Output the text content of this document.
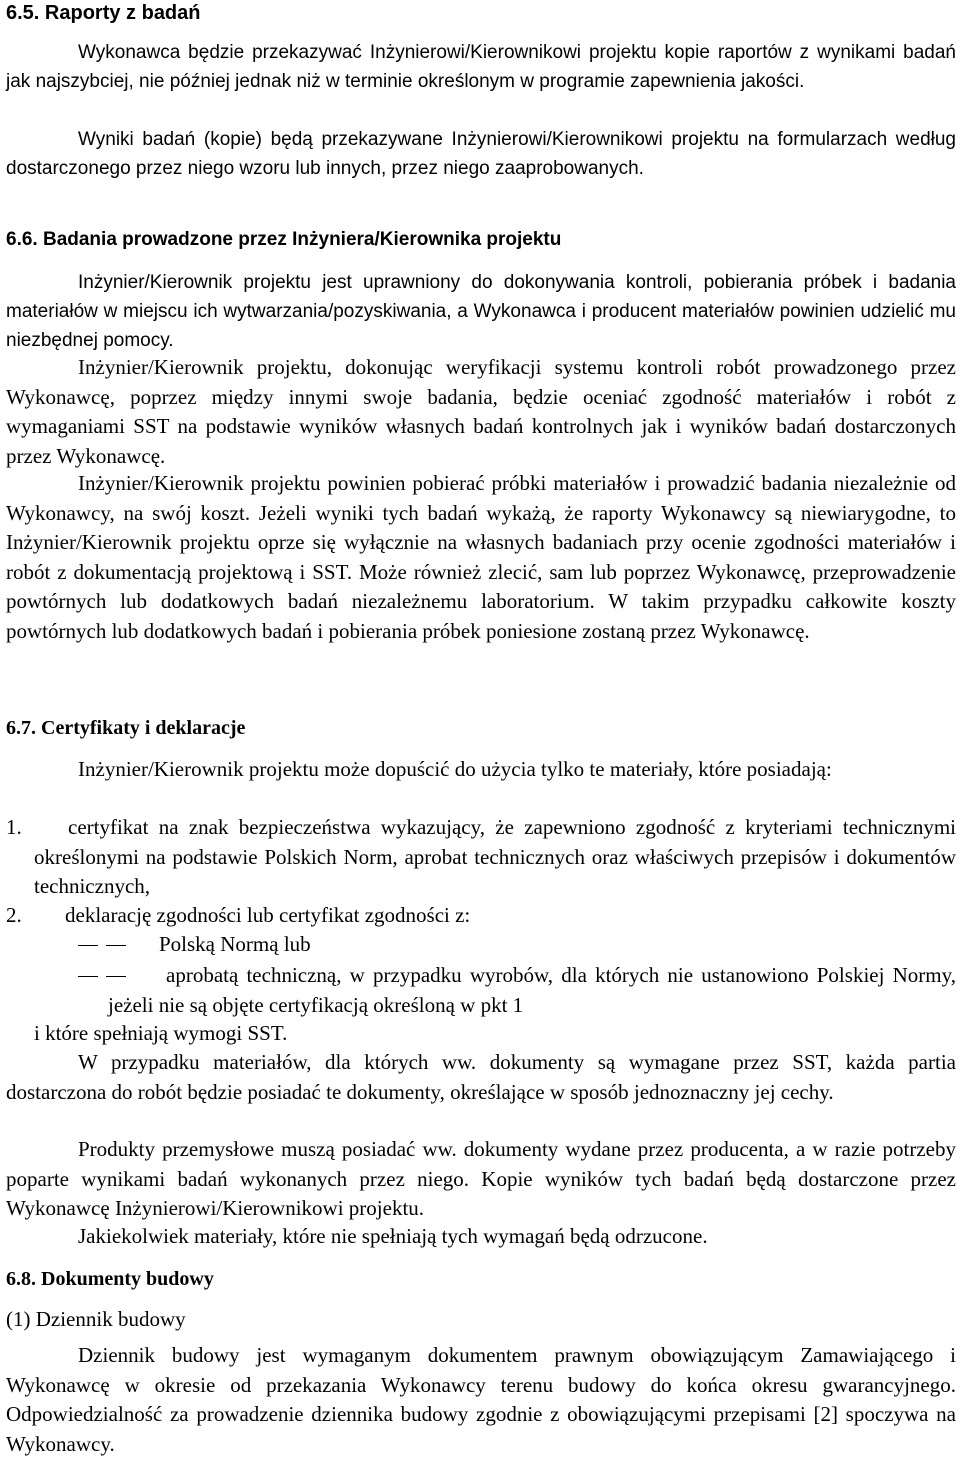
6.5. Raporty z badań

Wykonawca będzie przekazywać Inżynierowi/Kierownikowi projektu kopie raportów z wynikami badań jak najszybciej, nie później jednak niż w terminie określonym w programie zapewnienia jakości.

Wyniki badań (kopie) będą przekazywane Inżynierowi/Kierownikowi projektu na formularzach według dostarczonego przez niego wzoru lub innych, przez niego zaaprobowanych.

6.6. Badania prowadzone przez Inżyniera/Kierownika projektu

Inżynier/Kierownik projektu jest uprawniony do dokonywania kontroli, pobierania próbek i badania materiałów w miejscu ich wytwarzania/pozyskiwania, a Wykonawca i producent materiałów powinien udzielić mu niezbędnej pomocy.

Inżynier/Kierownik projektu, dokonując weryfikacji systemu kontroli robót prowadzonego przez Wykonawcę, poprzez między innymi swoje badania, będzie oceniać zgodność materiałów i robót z wymaganiami SST na podstawie wyników własnych badań kontrolnych jak i wyników badań dostarczonych przez Wykonawcę.

Inżynier/Kierownik projektu powinien pobierać próbki materiałów i prowadzić badania niezależnie od Wykonawcy, na swój koszt. Jeżeli wyniki tych badań wykażą, że raporty Wykonawcy są niewiarygodne, to Inżynier/Kierownik projektu oprze się wyłącznie na własnych badaniach przy ocenie zgodności materiałów i robót z dokumentacją projektową i SST. Może również zlecić, sam lub poprzez Wykonawcę, przeprowadzenie powtórnych lub dodatkowych badań niezależnemu laboratorium. W takim przypadku całkowite koszty powtórnych lub dodatkowych badań i pobierania próbek poniesione zostaną przez Wykonawcę.

6.7. Certyfikaty i deklaracje

Inżynier/Kierownik projektu może dopuścić do użycia tylko te materiały, które posiadają:

1.	certyfikat na znak bezpieczeństwa wykazujący, że zapewniono zgodność z kryteriami technicznymi określonymi na podstawie Polskich Norm, aprobat technicznych oraz właściwych przepisów i dokumentów technicznych,

2. deklarację zgodności lub certyfikat zgodności z:

Polską Normą lub

aprobatą techniczną, w przypadku wyrobów, dla których nie ustanowiono Polskiej Normy, jeżeli nie są objęte certyfikacją określoną w pkt 1

i które spełniają wymogi SST.

W przypadku materiałów, dla których ww. dokumenty są wymagane przez SST, każda partia dostarczona do robót będzie posiadać te dokumenty, określające w sposób jednoznaczny jej cechy.

Produkty przemysłowe muszą posiadać ww. dokumenty wydane przez producenta, a w razie potrzeby poparte wynikami badań wykonanych przez niego. Kopie wyników tych badań będą dostarczone przez Wykonawcę Inżynierowi/Kierownikowi projektu.

Jakiekolwiek materiały, które nie spełniają tych wymagań będą odrzucone.

6.8. Dokumenty budowy

(1) Dziennik budowy

Dziennik budowy jest wymaganym dokumentem prawnym obowiązującym Zamawiającego i Wykonawcę w okresie od przekazania Wykonawcy terenu budowy do końca okresu gwarancyjnego. Odpowiedzialność za prowadzenie dziennika budowy zgodnie z obowiązującymi przepisami [2] spoczywa na Wykonawcy.
